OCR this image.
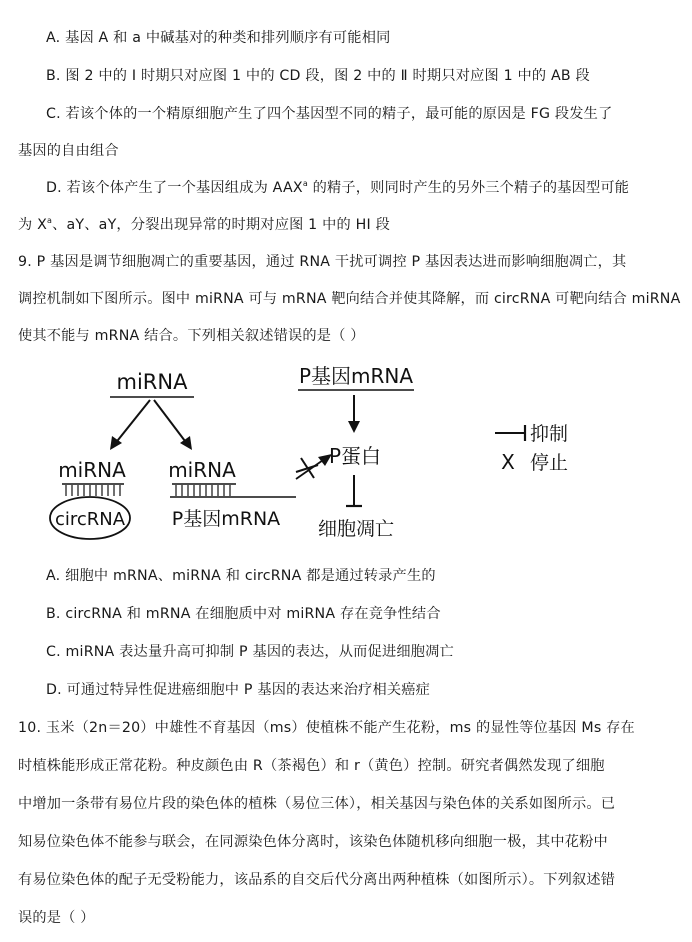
A. 基因 A 和 a 中碱基对的种类和排列顺序有可能相同
B. 图 2 中的 Ⅰ 时期只对应图 1 中的 CD 段，图 2 中的 Ⅱ 时期只对应图 1 中的 AB 段
C. 若该个体的一个精原细胞产生了四个基因型不同的精子，最可能的原因是 FG 段发生了
基因的自由组合
D. 若该个体产生了一个基因组成为 AAX$^a$ 的精子，则同时产生的另外三个精子的基因型可能
为 $X^a$、aY、aY，分裂出现异常的时期对应图 1 中的 HI 段
9. P 基因是调节细胞凋亡的重要基因，通过 RNA 干扰可调控 P 基因表达进而影响细胞凋亡，其
调控机制如下图所示。图中 miRNA 可与 mRNA 靶向结合并使其降解，而 circRNA 可靶向结合 miRNA
使其不能与 mRNA 结合。下列相关叙述错误的是（ ）
miRNA
miRNA
circRNA
miRNA
P基因mRNA
P基因mRNA
P蛋白
细胞凋亡
抑制
X 停止
A. 细胞中 mRNA、miRNA 和 circRNA 都是通过转录产生的
B. circRNA 和 mRNA 在细胞质中对 miRNA 存在竞争性结合
C. miRNA 表达量升高可抑制 P 基因的表达，从而促进细胞凋亡
D. 可通过特异性促进癌细胞中 P 基因的表达来治疗相关癌症
10. 玉米（2n＝20）中雄性不育基因（ms）使植株不能产生花粉，ms 的显性等位基因 Ms 存在
时植株能形成正常花粉。种皮颜色由 R（茶褐色）和 r（黄色）控制。研究者偶然发现了细胞
中增加一条带有易位片段的染色体的植株（易位三体），相关基因与染色体的关系如图所示。已
知易位染色体不能参与联会，在同源染色体分离时，该染色体随机移向细胞一极，其中花粉中
有易位染色体的配子无受粉能力，该品系的自交后代分离出两种植株（如图所示）。下列叙述错
误的是（ ）
